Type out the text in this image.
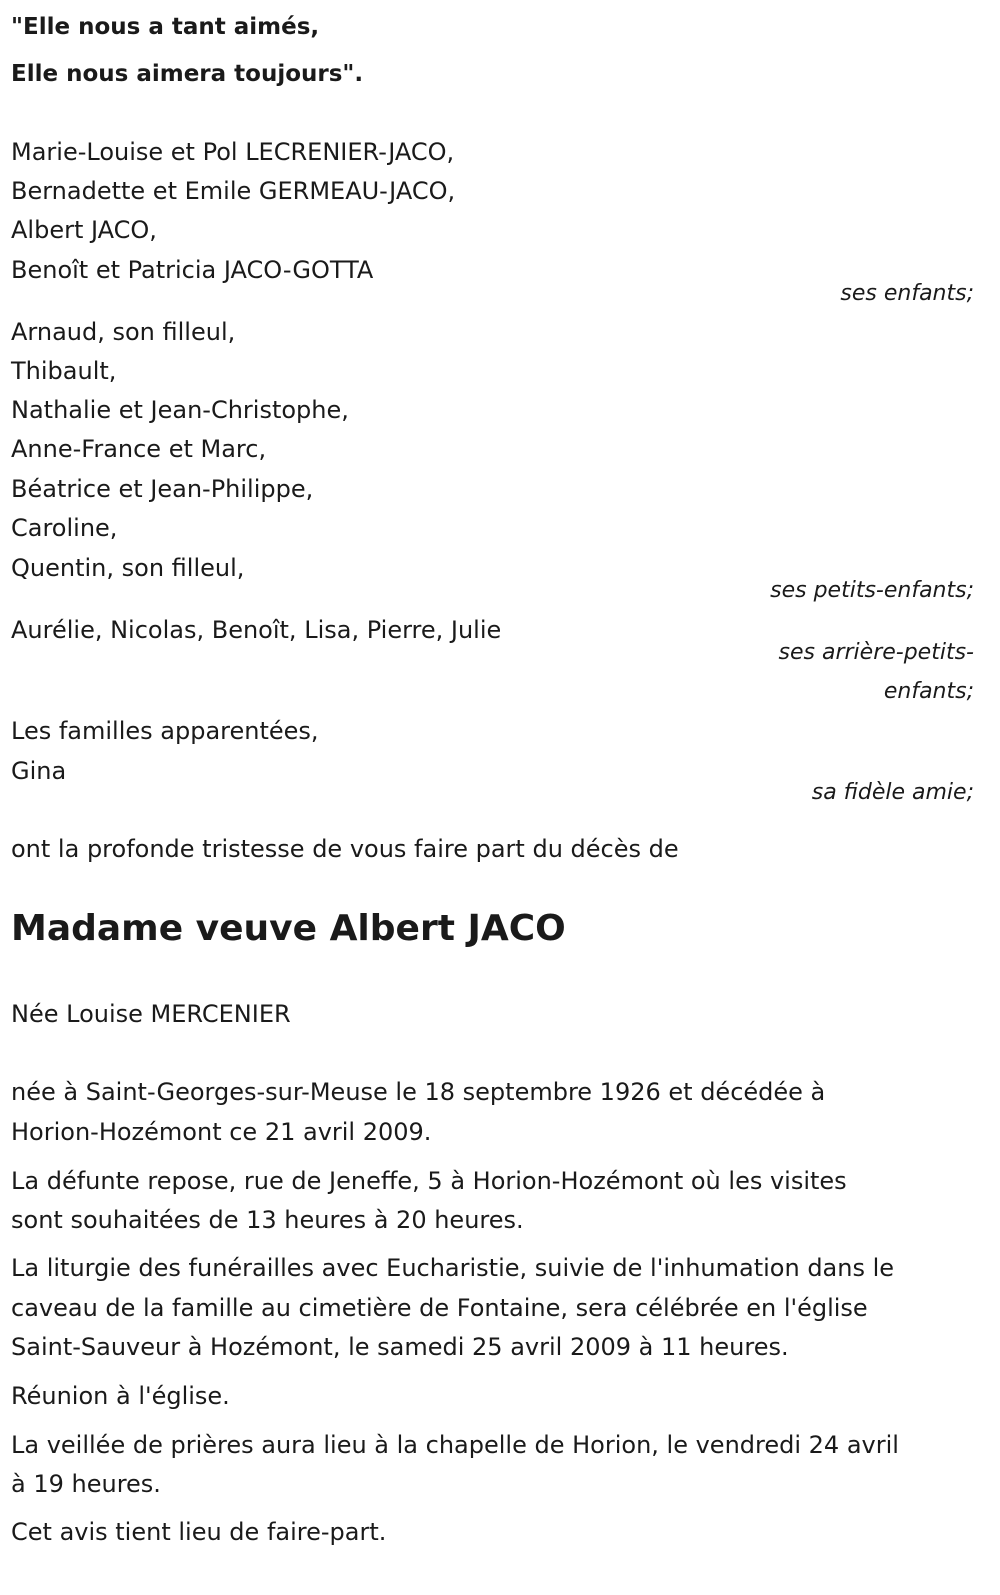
"Elle nous a tant aimés,
Elle nous aimera toujours".
Marie-Louise et Pol LECRENIER-JACO,
Bernadette et Emile GERMEAU-JACO,
Albert JACO,
Benoît et Patricia JACO-GOTTA
ses enfants;
Arnaud, son filleul,
Thibault,
Nathalie et Jean-Christophe,
Anne-France et Marc,
Béatrice et Jean-Philippe,
Caroline,
Quentin, son filleul,
ses petits-enfants;
Aurélie, Nicolas, Benoît, Lisa, Pierre, Julie
ses arrière-petits-
enfants;
Les familles apparentées,
Gina
sa fidèle amie;
ont la profonde tristesse de vous faire part du décès de
Madame veuve Albert JACO
Née Louise MERCENIER
née à Saint-Georges-sur-Meuse le 18 septembre 1926 et décédée à
Horion-Hozémont ce 21 avril 2009.
La défunte repose, rue de Jeneffe, 5 à Horion-Hozémont où les visites
sont souhaitées de 13 heures à 20 heures.
La liturgie des funérailles avec Eucharistie, suivie de l'inhumation dans le
caveau de la famille au cimetière de Fontaine, sera célébrée en l'église
Saint-Sauveur à Hozémont, le samedi 25 avril 2009 à 11 heures.
Réunion à l'église.
La veillée de prières aura lieu à la chapelle de Horion, le vendredi 24 avril
à 19 heures.
Cet avis tient lieu de faire-part.
